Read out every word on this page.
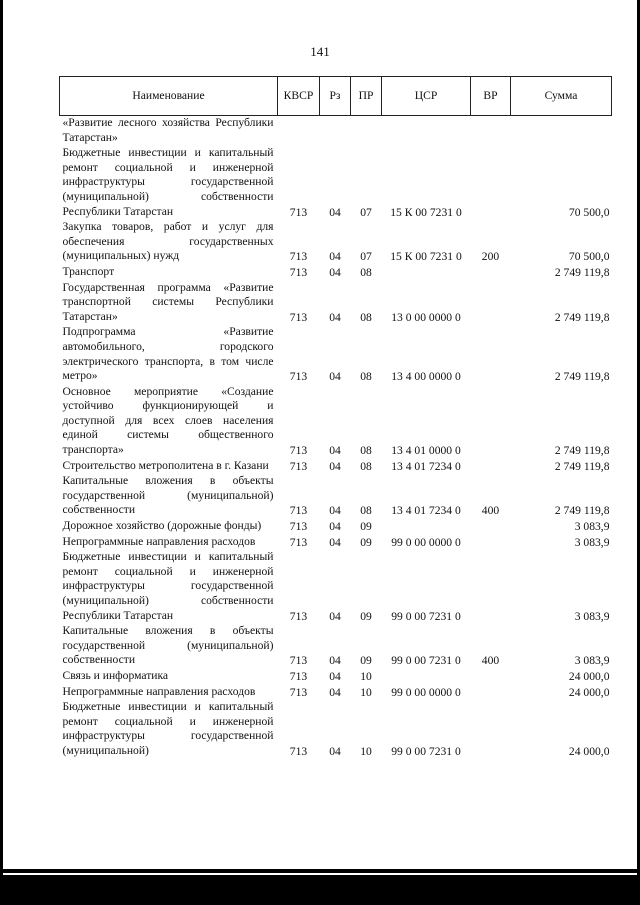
141
Наименование	КВСР	Рз	ПР	ЦСР	ВР	Сумма
«Развитие лесного хозяйства Республики Татарстан»						
Бюджетные инвестиции и капитальный ремонт социальной и инженерной инфраструктуры государственной (муниципальной) собственности Республики Татарстан	713	04	07	15 К 00 7231 0		70 500,0
Закупка товаров, работ и услуг для обеспечения государственных (муниципальных) нужд	713	04	07	15 К 00 7231 0	200	70 500,0
Транспорт	713	04	08			2 749 119,8
Государственная программа «Развитие транспортной системы Республики Татарстан»	713	04	08	13 0 00 0000 0		2 749 119,8
Подпрограмма «Развитие автомобильного, городского электрического транспорта, в том числе метро»	713	04	08	13 4 00 0000 0		2 749 119,8
Основное мероприятие «Создание устойчиво функционирующей и доступной для всех слоев населения единой системы общественного транспорта»	713	04	08	13 4 01 0000 0		2 749 119,8
Строительство метрополитена в г. Казани	713	04	08	13 4 01 7234 0		2 749 119,8
Капитальные вложения в объекты государственной (муниципальной) собственности	713	04	08	13 4 01 7234 0	400	2 749 119,8
Дорожное хозяйство (дорожные фонды)	713	04	09			3 083,9
Непрограммные направления расходов	713	04	09	99 0 00 0000 0		3 083,9
Бюджетные инвестиции и капитальный ремонт социальной и инженерной инфраструктуры государственной (муниципальной) собственности Республики Татарстан	713	04	09	99 0 00 7231 0		3 083,9
Капитальные вложения в объекты государственной (муниципальной) собственности	713	04	09	99 0 00 7231 0	400	3 083,9
Связь и информатика	713	04	10			24 000,0
Непрограммные направления расходов	713	04	10	99 0 00 0000 0		24 000,0
Бюджетные инвестиции и капитальный ремонт социальной и инженерной инфраструктуры государственной (муниципальной)	713	04	10	99 0 00 7231 0		24 000,0
